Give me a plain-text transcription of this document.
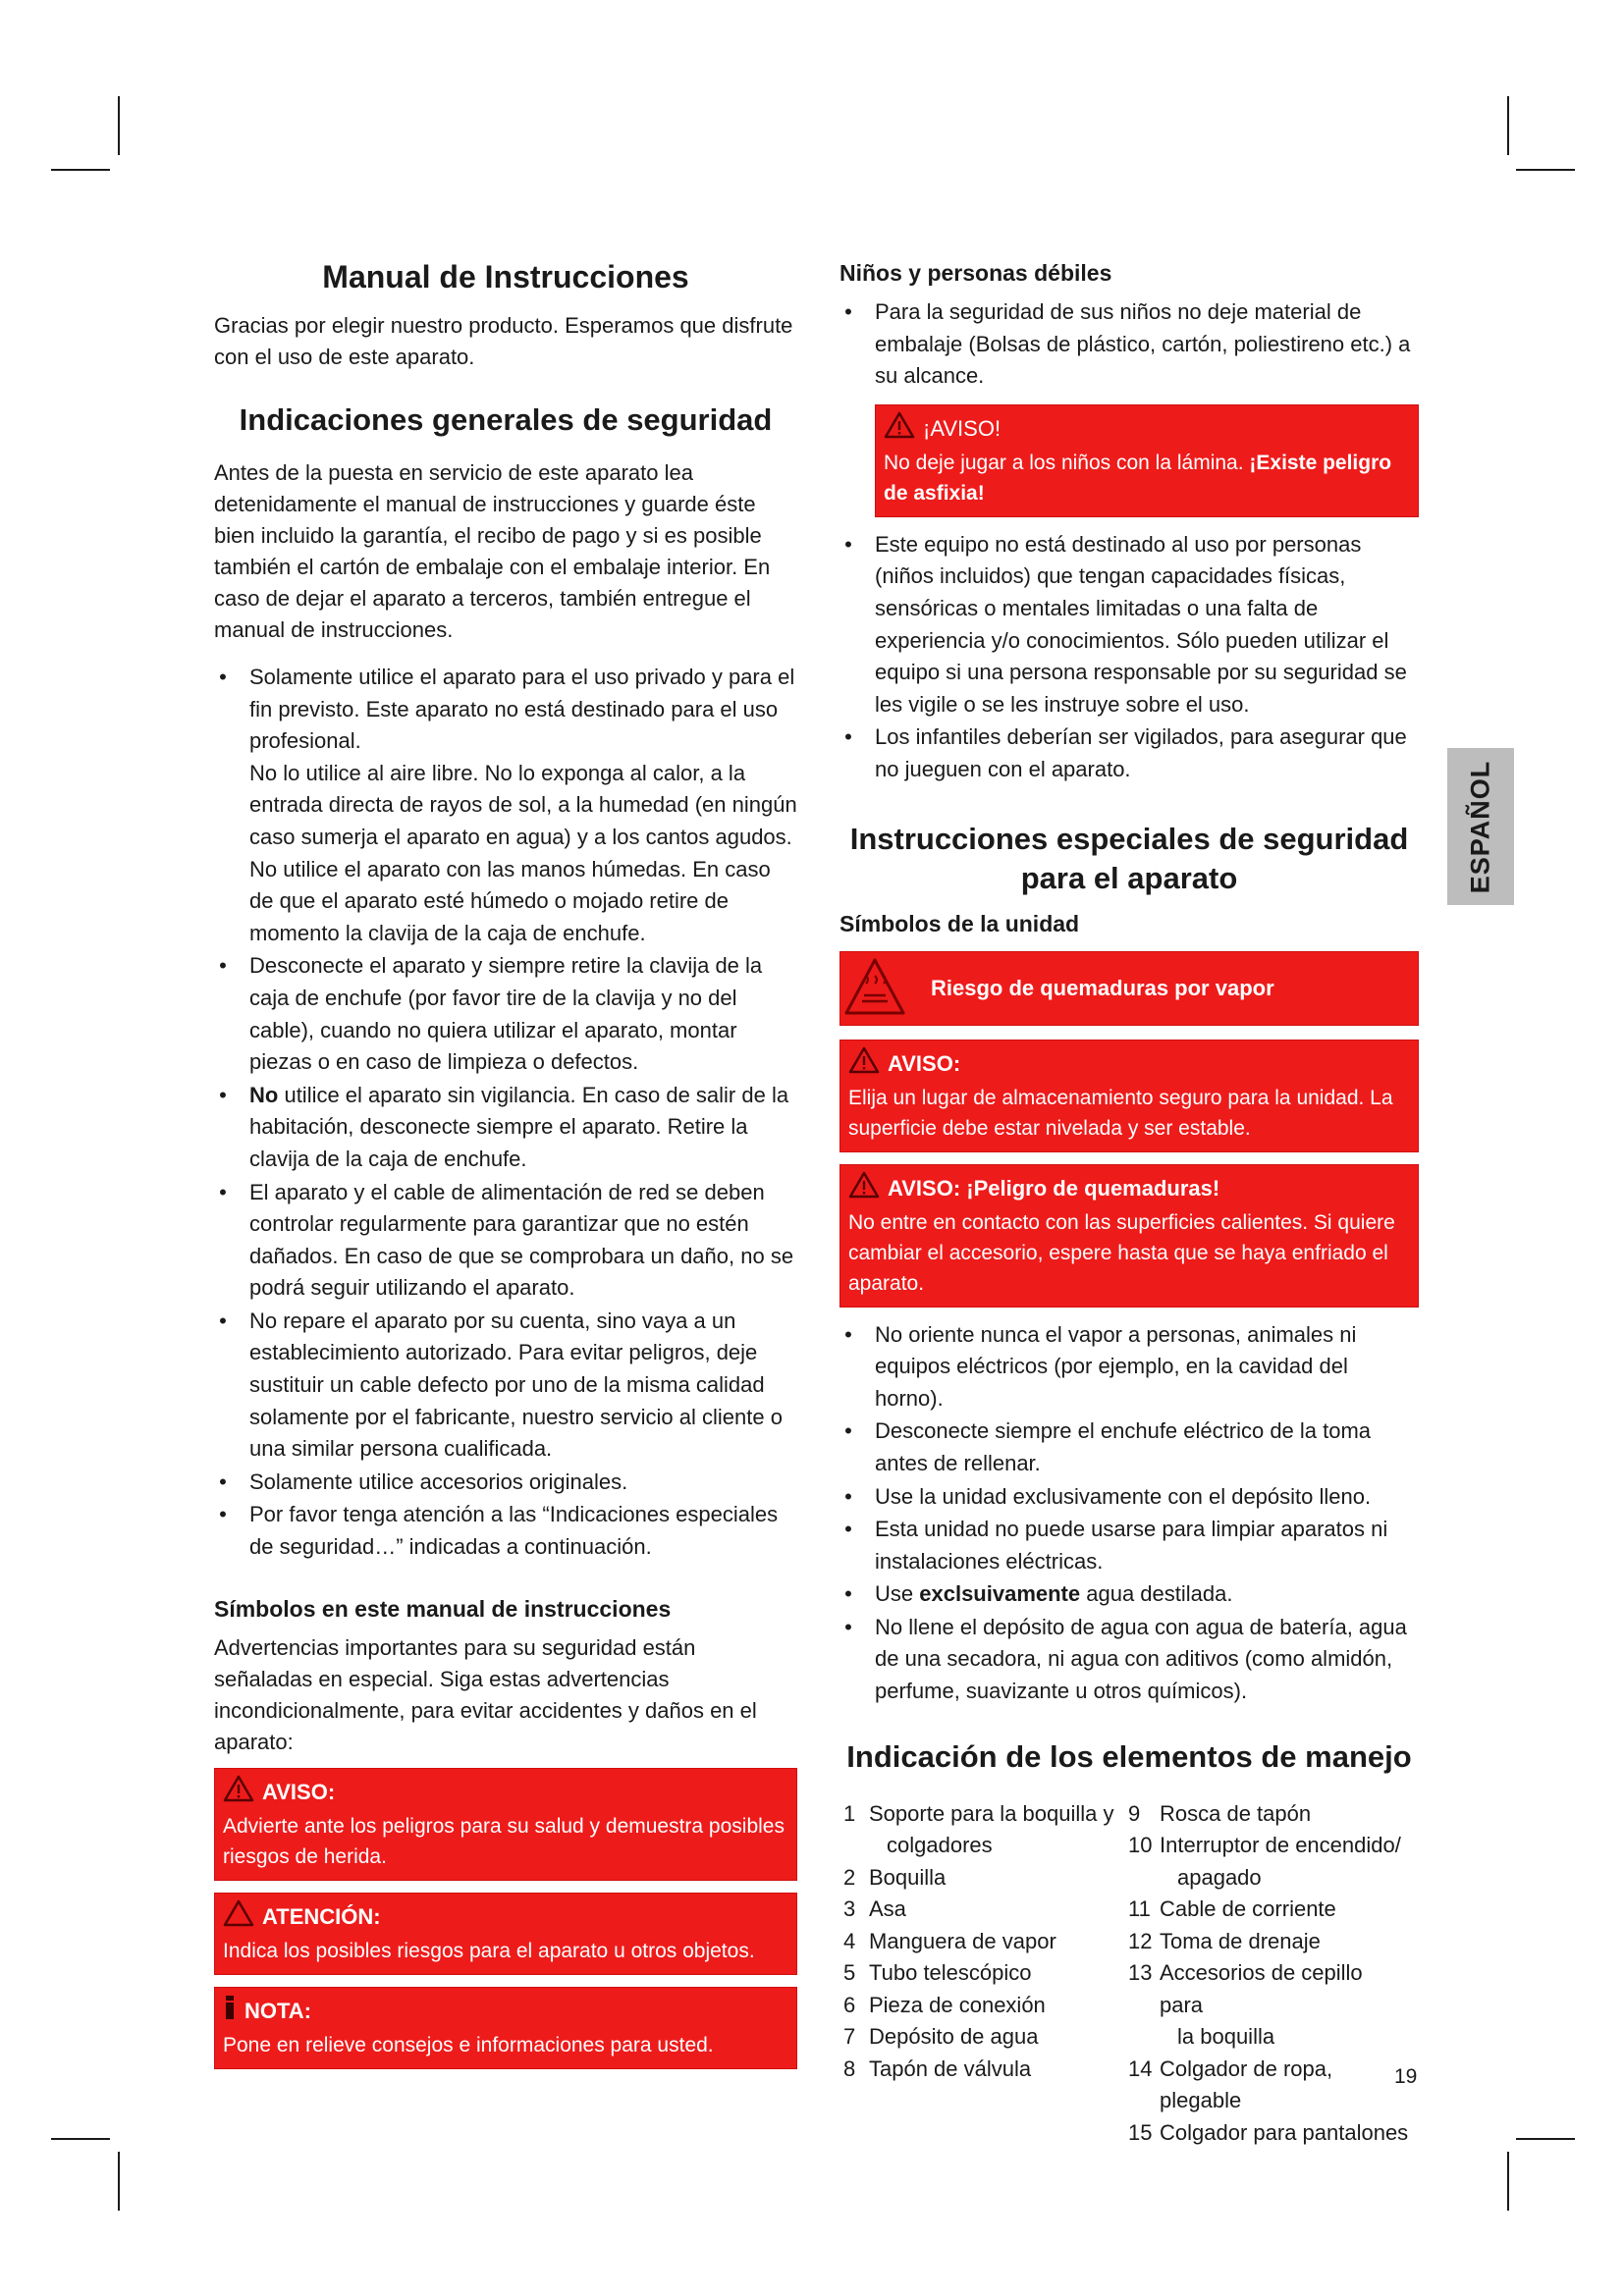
Manual de Instrucciones

Gracias por elegir nuestro producto. Esperamos que disfrute con el uso de este aparato.

Indicaciones generales de seguridad

Antes de la puesta en servicio de este aparato lea detenidamente el manual de instrucciones y guarde éste bien incluido la garantía, el recibo de pago y si es posible también el cartón de embalaje con el embalaje interior. En caso de dejar el aparato a terceros, también entregue el manual de instrucciones.

• Solamente utilice el aparato para el uso privado y para el fin previsto. Este aparato no está destinado para el uso profesional.
No lo utilice al aire libre. No lo exponga al calor, a la entrada directa de rayos de sol, a la humedad (en ningún caso sumerja el aparato en agua) y a los cantos agudos. No utilice el aparato con las manos húmedas. En caso de que el aparato esté húmedo o mojado retire de momento la clavija de la caja de enchufe.
• Desconecte el aparato y siempre retire la clavija de la caja de enchufe (por favor tire de la clavija y no del cable), cuando no quiera utilizar el aparato, montar piezas o en caso de limpieza o defectos.
• No utilice el aparato sin vigilancia. En caso de salir de la habitación, desconecte siempre el aparato. Retire la clavija de la caja de enchufe.
• El aparato y el cable de alimentación de red se deben controlar regularmente para garantizar que no estén dañados. En caso de que se comprobara un daño, no se podrá seguir utilizando el aparato.
• No repare el aparato por su cuenta, sino vaya a un establecimiento autorizado. Para evitar peligros, deje sustituir un cable defecto por uno de la misma calidad solamente por el fabricante, nuestro servicio al cliente o una similar persona cualificada.
• Solamente utilice accesorios originales.
• Por favor tenga atención a las “Indicaciones especiales de seguridad…” indicadas a continuación.
Símbolos en este manual de instrucciones

Advertencias importantes para su seguridad están señaladas en especial. Siga estas advertencias incondicionalmente, para evitar accidentes y daños en el aparato:

AVISO:
Advierte ante los peligros para su salud y demuestra posibles riesgos de herida.
ATENCIÓN:
Indica los posibles riesgos para el aparato u otros objetos.
NOTA:
Pone en relieve consejos e informaciones para usted.
Niños y personas débiles
• Para la seguridad de sus niños no deje material de embalaje (Bolsas de plástico, cartón, poliestireno etc.) a su alcance.
¡AVISO!
No deje jugar a los niños con la lámina. ¡Existe peligro de asfixia!
• Este equipo no está destinado al uso por personas (niños incluidos) que tengan capacidades físicas, sensóricas o mentales limitadas o una falta de experiencia y/o conocimientos. Sólo pueden utilizar el equipo si una persona responsable por su seguridad se les vigile o se les instruye sobre el uso.
• Los infantiles deberían ser vigilados, para asegurar que no jueguen con el aparato.
Instrucciones especiales de seguridad
para el aparato
Símbolos de la unidad
Riesgo de quemaduras por vapor
AVISO:
Elija un lugar de almacenamiento seguro para la unidad. La superficie debe estar nivelada y ser estable.
AVISO: ¡Peligro de quemaduras!
No entre en contacto con las superficies calientes. Si quiere cambiar el accesorio, espere hasta que se haya enfriado el aparato.
• No oriente nunca el vapor a personas, animales ni equipos eléctricos (por ejemplo, en la cavidad del horno).
• Desconecte siempre el enchufe eléctrico de la toma antes de rellenar.
• Use la unidad exclusivamente con el depósito lleno.
• Esta unidad no puede usarse para limpiar aparatos ni instalaciones eléctricas.
• Use exclsuivamente agua destilada.
• No llene el depósito de agua con agua de batería, agua de una secadora, ni agua con aditivos (como almidón, perfume, suavizante u otros químicos).
Indicación de los elementos de manejo
1 Soporte para la boquilla y
colgadores
2 Boquilla
3 Asa
4 Manguera de vapor
5 Tubo telescópico
6 Pieza de conexión
7 Depósito de agua
8 Tapón de válvula
9 Rosca de tapón
10 Interruptor de encendido/
apagado
11 Cable de corriente
12 Toma de drenaje
13 Accesorios de cepillo para
la boquilla
14 Colgador de ropa, plegable
15 Colgador para pantalones
ESPAÑOL
19
